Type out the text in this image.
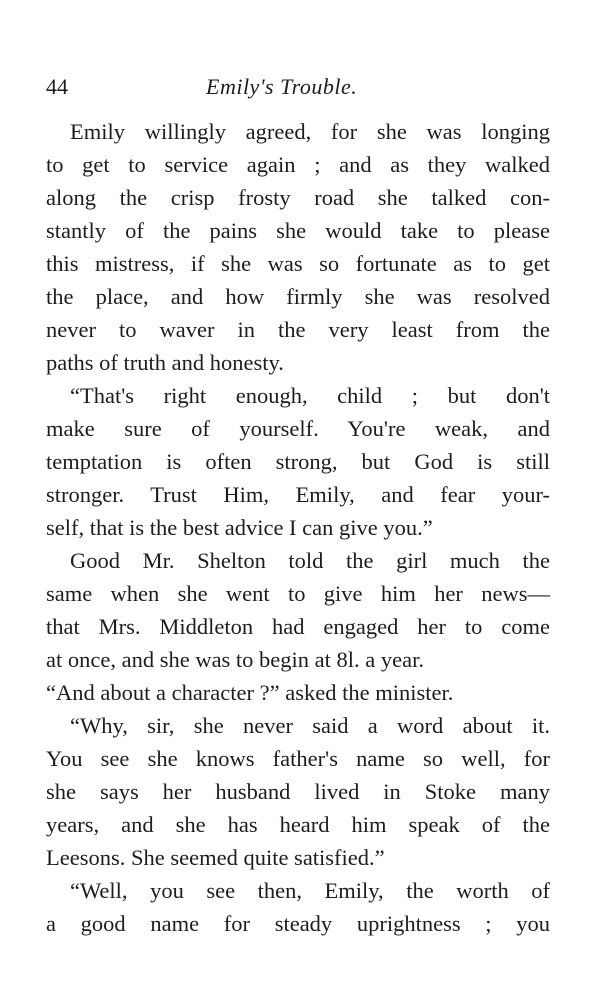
44	Emily's Trouble.
Emily willingly agreed, for she was longing
to get to service again ; and as they walked
along the crisp frosty road she talked con-
stantly of the pains she would take to please
this mistress, if she was so fortunate as to get
the place, and how firmly she was resolved
never to waver in the very least from the
paths of truth and honesty.
“That's right enough, child ; but don't
make sure of yourself. You're weak, and
temptation is often strong, but God is still
stronger. Trust Him, Emily, and fear your-
self, that is the best advice I can give you.”
Good Mr. Shelton told the girl much the
same when she went to give him her news—
that Mrs. Middleton had engaged her to come
at once, and she was to begin at 8l. a year.
“And about a character ?” asked the minister.
“Why, sir, she never said a word about it.
You see she knows father's name so well, for
she says her husband lived in Stoke many
years, and she has heard him speak of the
Leesons. She seemed quite satisfied.”
“Well, you see then, Emily, the worth of
a good name for steady uprightness ; you
